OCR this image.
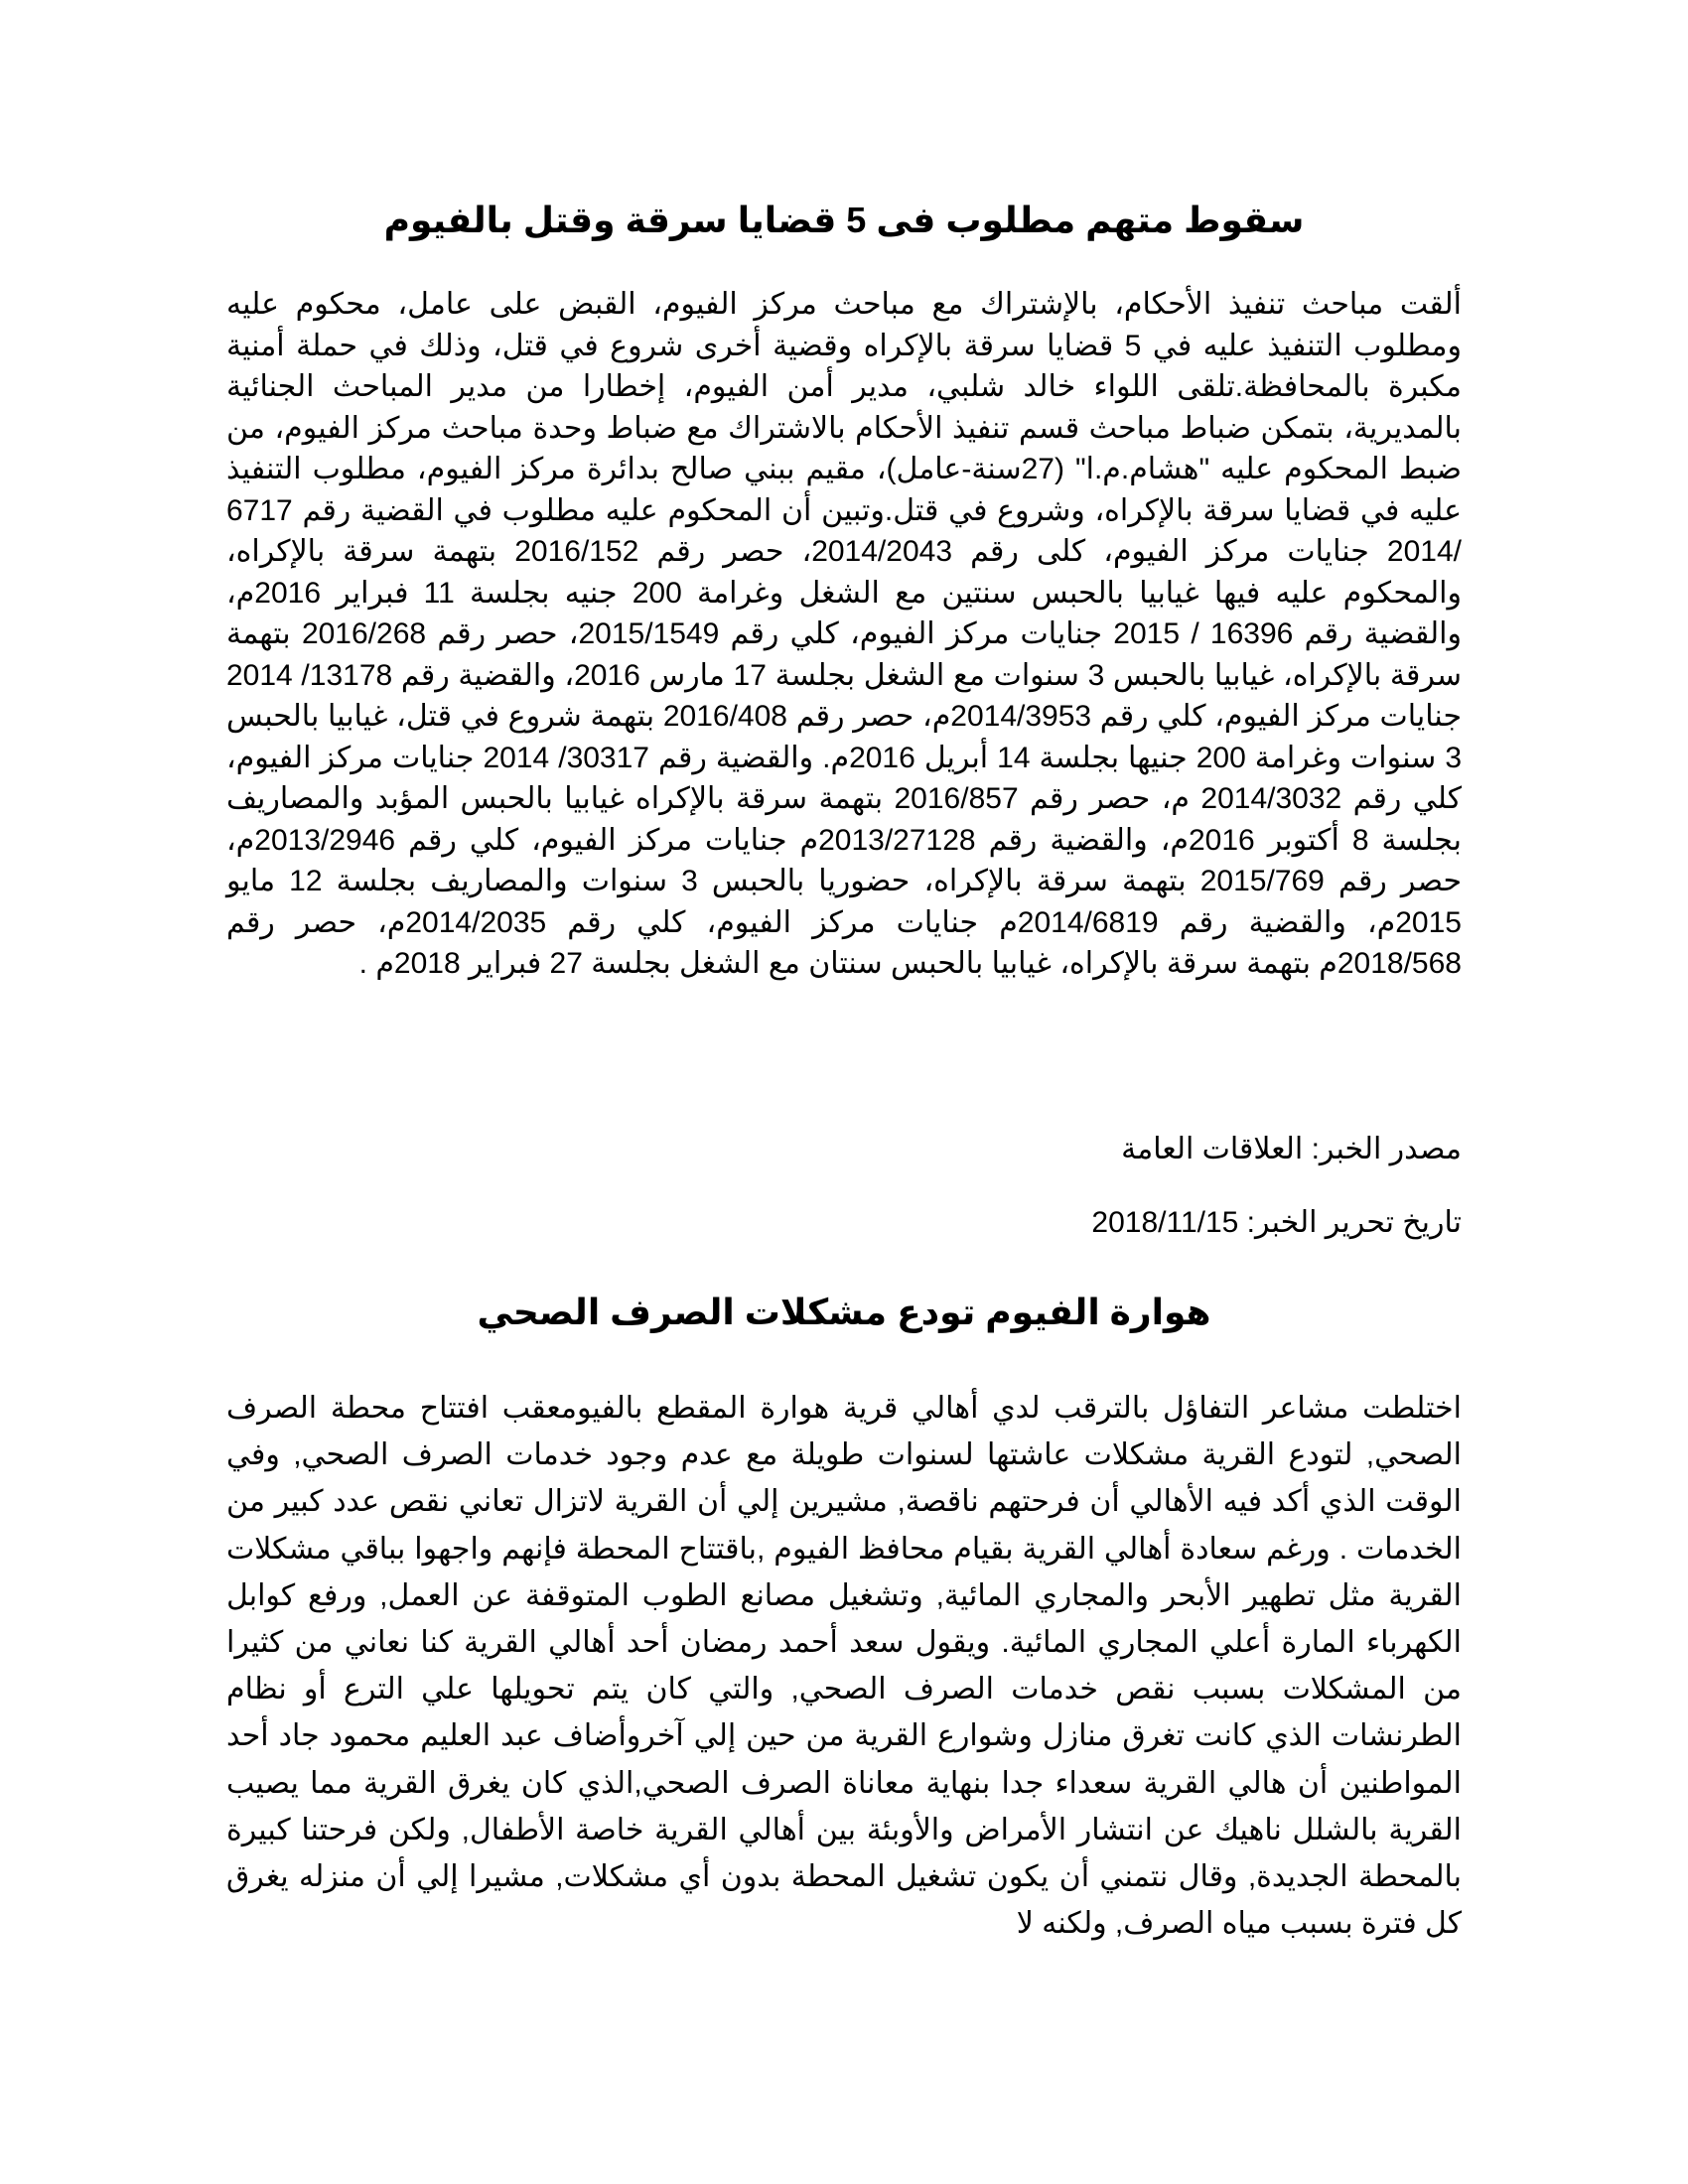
سقوط متهم مطلوب فى 5 قضايا سرقة وقتل بالفيوم

ألقت مباحث تنفيذ الأحكام، بالإشتراك مع مباحث مركز الفيوم، القبض على عامل، محكوم عليه ومطلوب التنفيذ عليه في 5 قضايا سرقة بالإكراه وقضية أخرى شروع في قتل، وذلك في حملة أمنية مكبرة بالمحافظة.تلقى اللواء خالد شلبي، مدير أمن الفيوم، إخطارا من مدير المباحث الجنائية بالمديرية، بتمكن ضباط مباحث قسم تنفيذ الأحكام بالاشتراك مع ضباط وحدة مباحث مركز الفيوم، من ضبط المحكوم عليه "هشام.م.ا" (27سنة-عامل)، مقيم ببني صالح بدائرة مركز الفيوم، مطلوب التنفيذ عليه في قضايا سرقة بالإكراه، وشروع في قتل.وتبين أن المحكوم عليه مطلوب في القضية رقم 6717 /2014 جنايات مركز الفيوم، كلى رقم 2014/2043، حصر رقم 2016/152 بتهمة سرقة بالإكراه، والمحكوم عليه فيها غيابيا بالحبس سنتين مع الشغل وغرامة 200 جنيه بجلسة 11 فبراير 2016م، والقضية رقم 16396 / 2015 جنايات مركز الفيوم، كلي رقم 2015/1549، حصر رقم 2016/268 بتهمة سرقة بالإكراه، غيابيا بالحبس 3 سنوات مع الشغل بجلسة 17 مارس 2016، والقضية رقم 13178/ 2014 جنايات مركز الفيوم، كلي رقم 2014/3953م، حصر رقم 2016/408 بتهمة شروع في قتل، غيابيا بالحبس 3 سنوات وغرامة 200 جنيها بجلسة 14 أبريل 2016م. والقضية رقم 30317/ 2014 جنايات مركز الفيوم، كلي رقم 2014/3032 م، حصر رقم 2016/857 بتهمة سرقة بالإكراه غيابيا بالحبس المؤبد والمصاريف بجلسة 8 أكتوبر 2016م، والقضية رقم 2013/27128م جنايات مركز الفيوم، كلي رقم 2013/2946م، حصر رقم 2015/769 بتهمة سرقة بالإكراه، حضوريا بالحبس 3 سنوات والمصاريف بجلسة 12 مايو 2015م، والقضية رقم 2014/6819م جنايات مركز الفيوم، كلي رقم 2014/2035م، حصر رقم 2018/568م بتهمة سرقة بالإكراه، غيابيا بالحبس سنتان مع الشغل بجلسة 27 فبراير 2018م .

مصدر الخبر: العلاقات العامة

تاريخ تحرير الخبر: 2018/11/15

هوارة الفيوم تودع مشكلات الصرف الصحي

اختلطت مشاعر التفاؤل بالترقب لدي أهالي قرية هوارة المقطع بالفيومعقب افتتاح محطة الصرف الصحي, لتودع القرية مشكلات عاشتها لسنوات طويلة مع عدم وجود خدمات الصرف الصحي, وفي الوقت الذي أكد فيه الأهالي أن فرحتهم ناقصة, مشيرين إلي أن القرية لاتزال تعاني نقص عدد كبير من الخدمات . ورغم سعادة أهالي القرية بقيام محافظ الفيوم ,باقتتاح المحطة فإنهم واجهوا بباقي مشكلات القرية مثل تطهير الأبحر والمجاري المائية, وتشغيل مصانع الطوب المتوقفة عن العمل, ورفع كوابل الكهرباء المارة أعلي المجاري المائية. ويقول سعد أحمد رمضان أحد أهالي القرية كنا نعاني من كثيرا من المشكلات بسبب نقص خدمات الصرف الصحي, والتي كان يتم تحويلها علي الترع أو نظام الطرنشات الذي كانت تغرق منازل وشوارع القرية من حين إلي آخروأضاف عبد العليم محمود جاد أحد المواطنين أن هالي القرية سعداء جدا بنهاية معاناة الصرف الصحي,الذي كان يغرق القرية مما يصيب القرية بالشلل ناهيك عن انتشار الأمراض والأوبئة بين أهالي القرية خاصة الأطفال, ولكن فرحتنا كبيرة بالمحطة الجديدة, وقال نتمني أن يكون تشغيل المحطة بدون أي مشكلات, مشيرا إلي أن منزله يغرق كل فترة بسبب مياه الصرف, ولكنه لا
